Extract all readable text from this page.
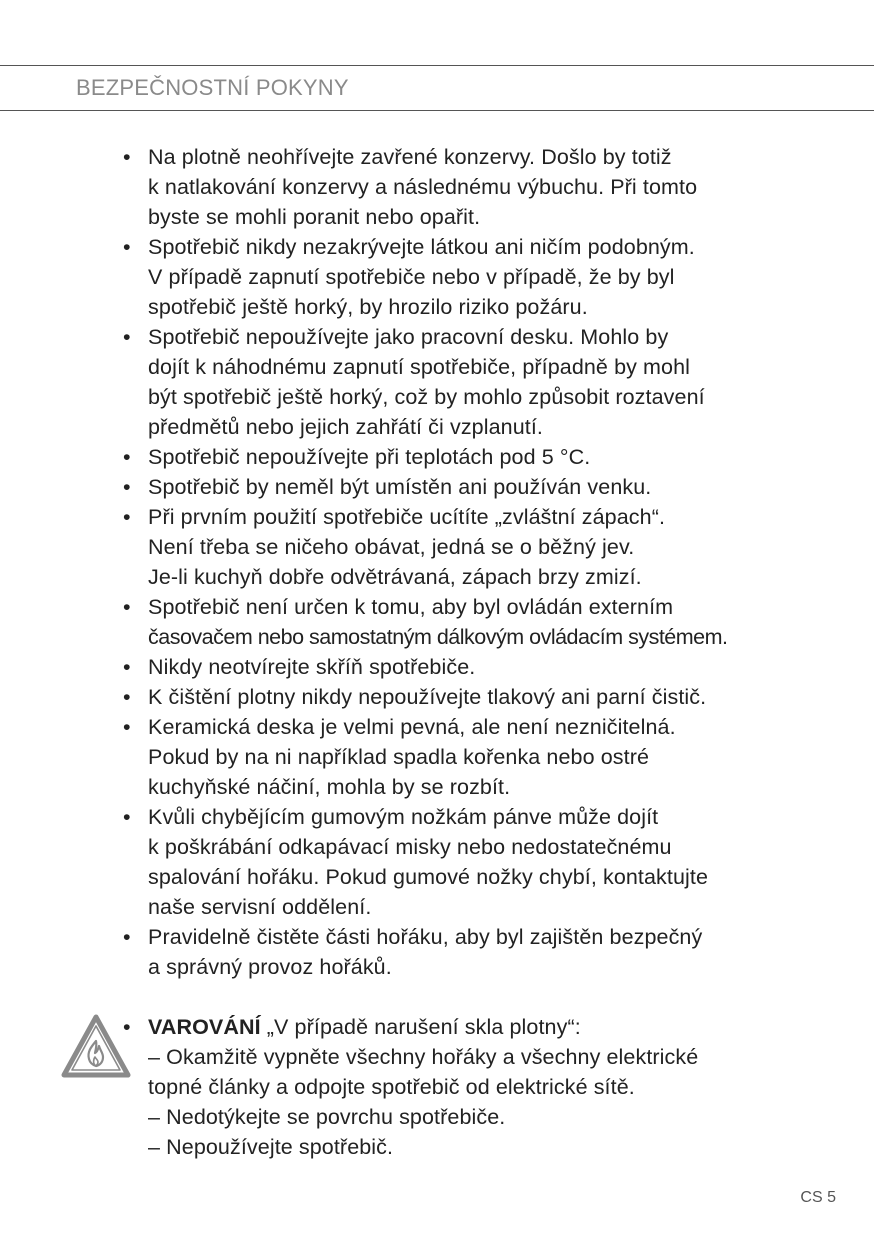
BEZPEČNOSTNÍ POKYNY
• Na plotně neohřívejte zavřené konzervy. Došlo by totiž
k natlakování konzervy a následnému výbuchu. Při tomto
byste se mohli poranit nebo opařit.
• Spotřebič nikdy nezakrývejte látkou ani ničím podobným.
V případě zapnutí spotřebiče nebo v případě, že by byl
spotřebič ještě horký, by hrozilo riziko požáru.
• Spotřebič nepoužívejte jako pracovní desku. Mohlo by
dojít k náhodnému zapnutí spotřebiče, případně by mohl
být spotřebič ještě horký, což by mohlo způsobit roztavení
předmětů nebo jejich zahřátí či vzplanutí.
• Spotřebič nepoužívejte při teplotách pod 5 °C.
• Spotřebič by neměl být umístěn ani používán venku.
• Při prvním použití spotřebiče ucítíte „zvláštní zápach“.
Není třeba se ničeho obávat, jedná se o běžný jev.
Je-li kuchyň dobře odvětrávaná, zápach brzy zmizí.
• Spotřebič není určen k tomu, aby byl ovládán externím
časovačem nebo samostatným dálkovým ovládacím systémem.
• Nikdy neotvírejte skříň spotřebiče.
• K čištění plotny nikdy nepoužívejte tlakový ani parní čistič.
• Keramická deska je velmi pevná, ale není nezničitelná.
Pokud by na ni například spadla kořenka nebo ostré
kuchyňské náčiní, mohla by se rozbít.
• Kvůli chybějícím gumovým nožkám pánve může dojít
k poškrábání odkapávací misky nebo nedostatečnému
spalování hořáku. Pokud gumové nožky chybí, kontaktujte
naše servisní oddělení.
• Pravidelně čistěte části hořáku, aby byl zajištěn bezpečný
a správný provoz hořáků.
• VAROVÁNÍ „V případě narušení skla plotny“:
– Okamžitě vypněte všechny hořáky a všechny elektrické
topné články a odpojte spotřebič od elektrické sítě.
– Nedotýkejte se povrchu spotřebiče.
– Nepoužívejte spotřebič.
CS 5
